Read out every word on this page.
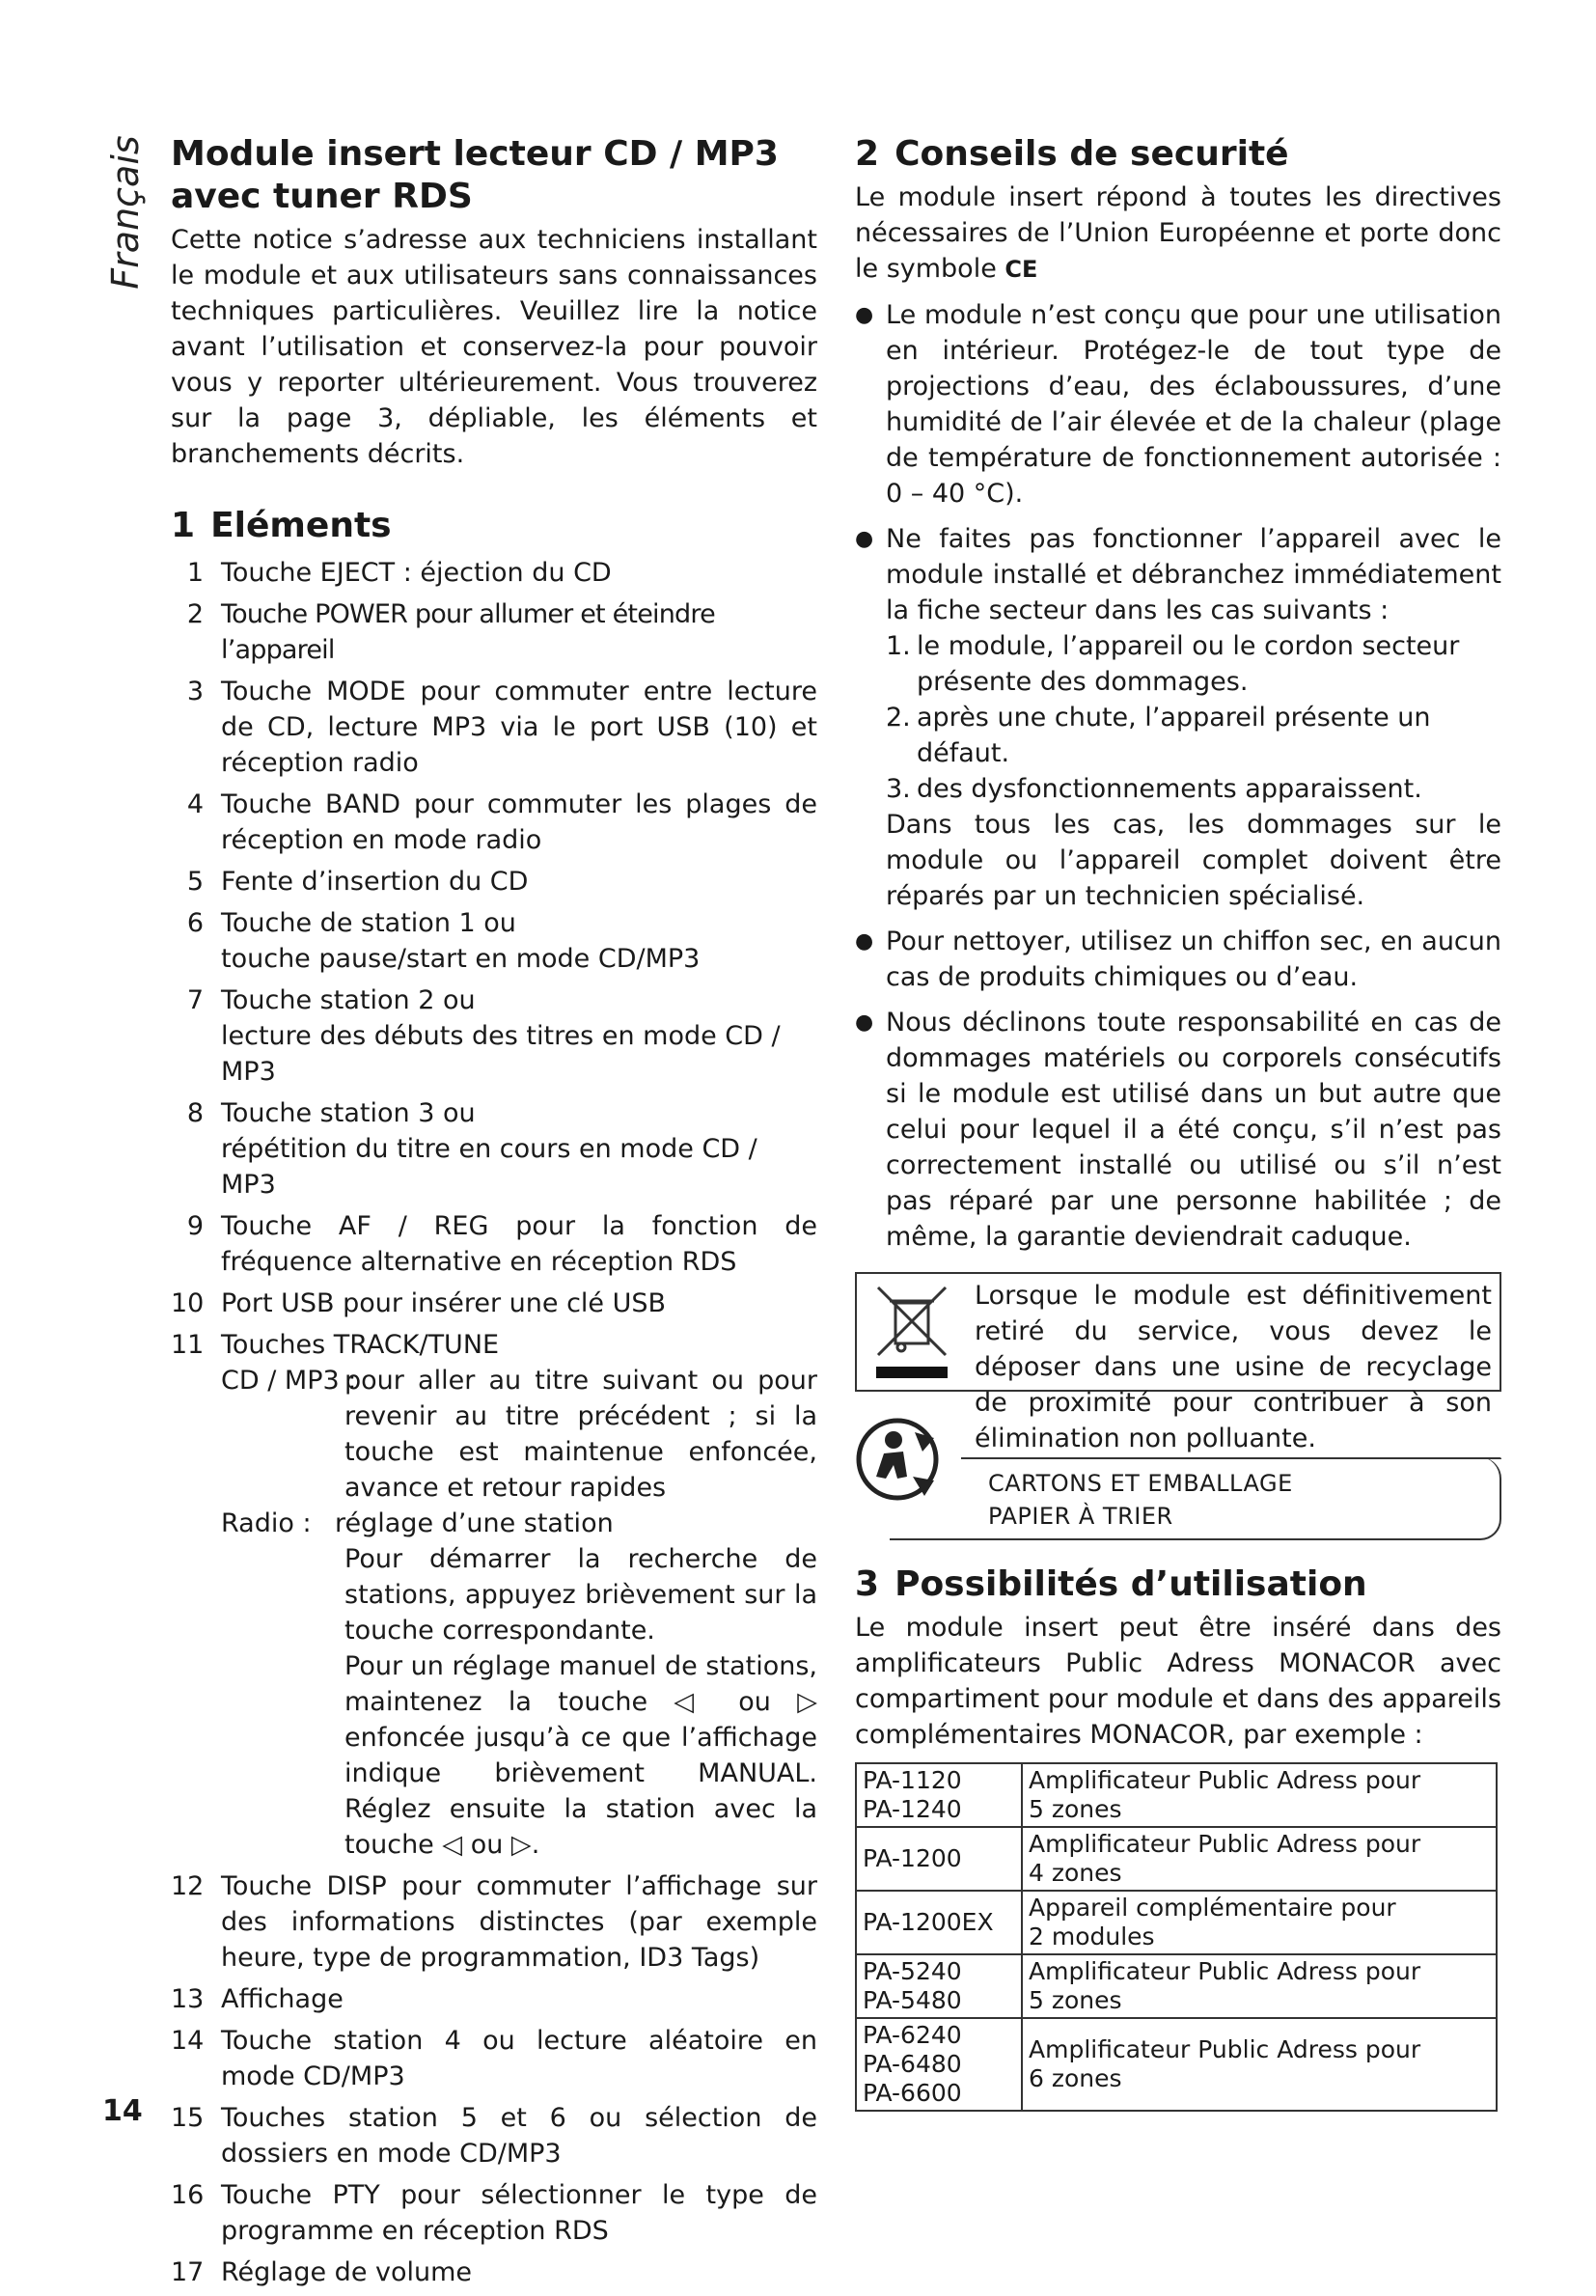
Français Module insert lecteur CD / MP3
avec tuner RDS

Cette notice s’adresse aux techniciens installant le module et aux utilisateurs sans connaissances techniques particulières. Veuillez lire la notice avant l’utilisation et conservez-la pour pouvoir vous y reporter ultérieurement. Vous trouverez sur la page 3, dépliable, les éléments et branchements décrits.

1 Eléments
1 Touche EJECT : éjection du CD
2 Touche POWER pour allumer et éteindre l’appareil
3 Touche MODE pour commuter entre lecture de CD, lecture MP3 via le port USB (10) et réception radio
4 Touche BAND pour commuter les plages de réception en mode radio
5 Fente d’insertion du CD
6 Touche de station 1 ou
touche pause/start en mode CD/MP3
7 Touche station 2 ou
lecture des débuts des titres en mode CD / MP3
8 Touche station 3 ou
répétition du titre en cours en mode CD / MP3
9 Touche AF / REG pour la fonction de fréquence alternative en réception RDS
10 Port USB pour insérer une clé USB
11 Touches TRACK/TUNE
CD / MP3 :
pour aller au titre suivant ou pour revenir au titre précédent ; si la touche est maintenue enfoncée, avance et retour rapides
Radio : réglage d’une station
Pour démarrer la recherche de stations, appuyez brièvement sur la touche correspondante.
Pour un réglage manuel de stations, maintenez la touche ◁ ou ▷ enfoncée jusqu’à ce que l’affichage indique brièvement MANUAL. Réglez ensuite la station avec la touche ◁ ou ▷.
12 Touche DISP pour commuter l’affichage sur des informations distinctes (par exemple heure, type de programmation, ID3 Tags)
13 Affichage
14 Touche station 4 ou lecture aléatoire en mode CD/MP3
15 Touches station 5 et 6 ou sélection de dossiers en mode CD/MP3
16 Touche PTY pour sélectionner le type de programme en réception RDS
17 Réglage de volume
2 Conseils de securité

Le module insert répond à toutes les directives nécessaires de l’Union Européenne et porte donc le symbole CE

● Le module n’est conçu que pour une utilisation en intérieur. Protégez-le de tout type de projections d’eau, des éclaboussures, d’une humidité de l’air élevée et de la chaleur (plage de température de fonctionnement autorisée : 0 – 40 °C).
● Ne faites pas fonctionner l’appareil avec le module installé et débranchez immédiatement la fiche secteur dans les cas suivants :
1. le module, l’appareil ou le cordon secteur présente des dommages.
2. après une chute, l’appareil présente un défaut.
3. des dysfonctionnements apparaissent.
Dans tous les cas, les dommages sur le module ou l’appareil complet doivent être réparés par un technicien spécialisé.
● Pour nettoyer, utilisez un chiffon sec, en aucun cas de produits chimiques ou d’eau.
● Nous déclinons toute responsabilité en cas de dommages matériels ou corporels consécutifs si le module est utilisé dans un but autre que celui pour lequel il a été conçu, s’il n’est pas correctement installé ou utilisé ou s’il n’est pas réparé par une personne habilitée ; de même, la garantie deviendrait caduque.
Lorsque le module est définitivement retiré du service, vous devez le déposer dans une usine de recyclage de proximité pour contribuer à son élimination non polluante.
CARTONS ET EMBALLAGE
PAPIER À TRIER
3 Possibilités d’utilisation

Le module insert peut être inséré dans des amplificateurs Public Adress MONACOR avec compartiment pour module et dans des appareils complémentaires MONACOR, par exemple :

PA-1120
PA-1240	Amplificateur Public Adress pour
5 zones
PA-1200	Amplificateur Public Adress pour
4 zones
PA-1200EX	Appareil complémentaire pour
2 modules
PA-5240
PA-5480	Amplificateur Public Adress pour
5 zones
PA-6240
PA-6480
PA-6600	Amplificateur Public Adress pour
6 zones
14
